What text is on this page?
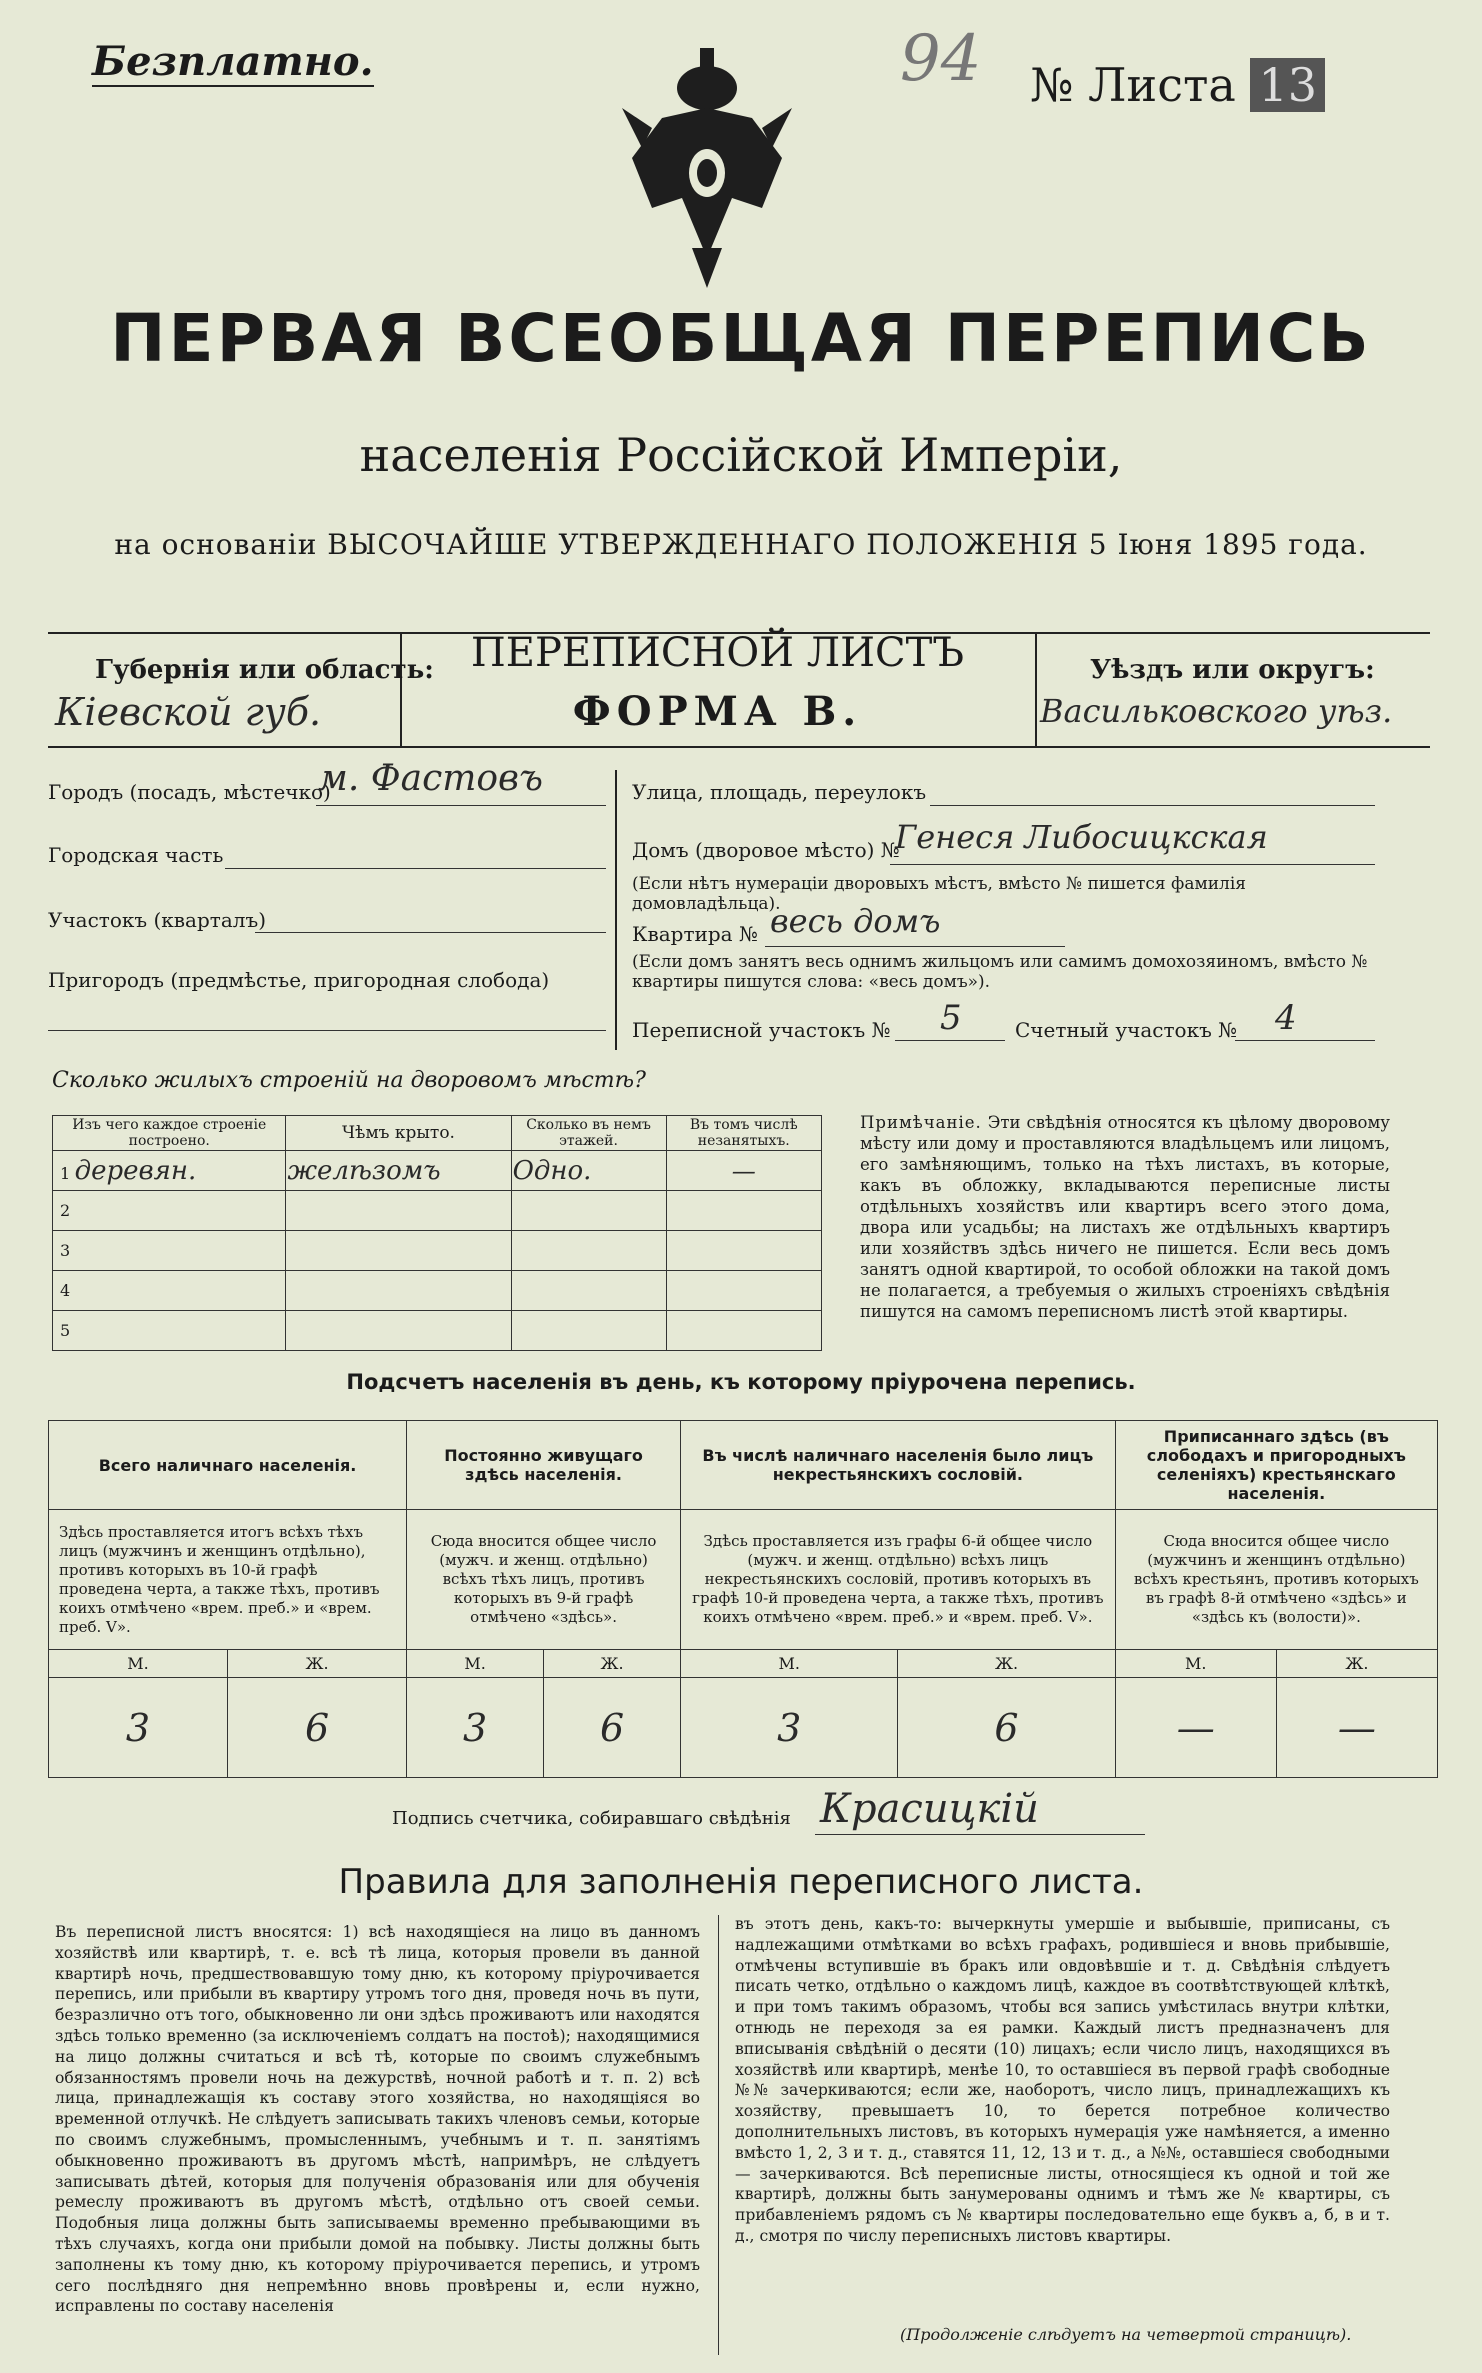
Безплатно.	94 № Листа 13
ПЕРВАЯ ВСЕОБЩАЯ ПЕРЕПИСЬ
населенія Россійской Имперіи,
на основаніи ВЫСОЧАЙШЕ УТВЕРЖДЕННАГО ПОЛОЖЕНІЯ 5 Іюня 1895 года.
Губернія или область:
Кіевской губ.
ПЕРЕПИСНОЙ ЛИСТЪ
ФОРМА В.
Уѣздъ или округъ:
Васильковского уѣз.
Городъ (посадъ, мѣстечко)
м. Фастовъ
Городская часть
Участокъ (кварталъ)
Пригородъ (предмѣстье, пригородная слобода)
Улица, площадь, переулокъ
Домъ (дворовое мѣсто) №
Генеся Либосицкская
(Если нѣтъ нумераціи дворовыхъ мѣстъ, вмѣсто № пишется фамилія домовладѣльца).
Квартира № весь домъ
(Если домъ занятъ весь однимъ жильцомъ или самимъ домохозяиномъ, вмѣсто № квартиры пишутся слова: «весь домъ»).
Переписной участокъ № 5	Счетный участокъ № 4
Сколько жилыхъ строеній на дворовомъ мѣстѣ?
Изъ чего каждое строеніе построено.	Чѣмъ крыто.	Сколько въ немъ этажей.	Въ томъ числѣ незанятыхъ.
1 деревян.	желѣзомъ	Одно.	—
2			
3			
4			
5			
Примѣчаніе. Эти свѣдѣнія относятся къ цѣлому дворовому мѣсту или дому и проставляются владѣльцемъ или лицомъ, его замѣняющимъ, только на тѣхъ листахъ, въ которые, какъ въ обложку, вкладываются переписные листы отдѣльныхъ хозяйствъ или квартиръ всего этого дома, двора или усадьбы; на листахъ же отдѣльныхъ квартиръ или хозяйствъ здѣсь ничего не пишется. Если весь домъ занятъ одной квартирой, то особой обложки на такой домъ не полагается, а требуемыя о жилыхъ строеніяхъ свѣдѣнія пишутся на самомъ переписномъ листѣ этой квартиры.
Подсчетъ населенія въ день, къ которому пріурочена перепись.
Всего наличнаго населенія.		Постоянно живущаго здѣсь населенія.		Въ числѣ наличнаго населенія было лицъ некрестьянскихъ сословій.		Приписаннаго здѣсь (въ слободахъ и пригородныхъ селеніяхъ) крестьянскаго населенія.	
Здѣсь проставляется итогъ всѣхъ тѣхъ лицъ (мужчинъ и женщинъ отдѣльно), противъ которыхъ въ 10-й графѣ проведена черта, а также тѣхъ, противъ коихъ отмѣчено «врем. преб.» и «врем. преб. V».		Сюда вносится общее число (мужч. и женщ. отдѣльно) всѣхъ тѣхъ лицъ, противъ которыхъ въ 9-й графѣ отмѣчено «здѣсь».		Здѣсь проставляется изъ графы 6-й общее число (мужч. и женщ. отдѣльно) всѣхъ лицъ некрестьянскихъ сословій, противъ которыхъ въ графѣ 10-й проведена черта, а также тѣхъ, противъ коихъ отмѣчено «врем. преб.» и «врем. преб. V».		Сюда вносится общее число (мужчинъ и женщинъ отдѣльно) всѣхъ крестьянъ, противъ которыхъ въ графѣ 8-й отмѣчено «здѣсь» и «здѣсь къ (волости)».	
М.	Ж.	М.	Ж.	М.	Ж.	М.	Ж.
3	6	3	6	3	6	—	—
Подпись счетчика, собиравшаго свѣдѣнія Красицкій
Правила для заполненія переписного листа.
Въ переписной листъ вносятся: 1) всѣ находящіеся на лицо въ данномъ хозяйствѣ или квартирѣ, т. е. всѣ тѣ лица, которыя провели въ данной квартирѣ ночь, предшествовавшую тому дню, къ которому пріурочивается перепись, или прибыли въ квартиру утромъ того дня, проведя ночь въ пути, безразлично отъ того, обыкновенно ли они здѣсь проживаютъ или находятся здѣсь только временно (за исключеніемъ солдатъ на постоѣ); находящимися на лицо должны считаться и всѣ тѣ, которые по своимъ служебнымъ обязанностямъ провели ночь на дежурствѣ, ночной работѣ и т. п. 2) всѣ лица, принадлежащія къ составу этого хозяйства, но находящіяся во временной отлучкѣ. Не слѣдуетъ записывать такихъ членовъ семьи, которые по своимъ служебнымъ, промысленнымъ, учебнымъ и т. п. занятіямъ обыкновенно проживаютъ въ другомъ мѣстѣ, напримѣръ, не слѣдуетъ записывать дѣтей, которыя для полученія образованія или для обученія ремеслу проживаютъ въ другомъ мѣстѣ, отдѣльно отъ своей семьи. Подобныя лица должны быть записываемы временно пребывающими въ тѣхъ случаяхъ, когда они прибыли домой на побывку. Листы должны быть заполнены къ тому дню, къ которому пріурочивается перепись, и утромъ сего послѣдняго дня непремѣнно вновь провѣрены и, если нужно, исправлены по составу населенія
въ этотъ день, какъ-то: вычеркнуты умершіе и выбывшіе, приписаны, съ надлежащими отмѣтками во всѣхъ графахъ, родившіеся и вновь прибывшіе, отмѣчены вступившіе въ бракъ или овдовѣвшіе и т. д. Свѣдѣнія слѣдуетъ писать четко, отдѣльно о каждомъ лицѣ, каждое въ соотвѣтствующей клѣткѣ, и при томъ такимъ образомъ, чтобы вся запись умѣстилась внутри клѣтки, отнюдь не переходя за ея рамки. Каждый листъ предназначенъ для вписыванія свѣдѣній о десяти (10) лицахъ; если число лицъ, находящихся въ хозяйствѣ или квартирѣ, менѣе 10, то оставшіеся въ первой графѣ свободные №№ зачеркиваются; если же, наоборотъ, число лицъ, принадлежащихъ къ хозяйству, превышаетъ 10, то берется потребное количество дополнительныхъ листовъ, въ которыхъ нумерація уже намѣняется, а именно вмѣсто 1, 2, 3 и т. д., ставятся 11, 12, 13 и т. д., а №№, оставшіеся свободными — зачеркиваются. Всѣ переписные листы, относящіеся къ одной и той же квартирѣ, должны быть занумерованы однимъ и тѣмъ же № квартиры, съ прибавленіемъ рядомъ съ № квартиры последовательно еще буквъ а, б, в и т. д., смотря по числу переписныхъ листовъ квартиры.
(Продолженіе слѣдуетъ на четвертой страницѣ).
